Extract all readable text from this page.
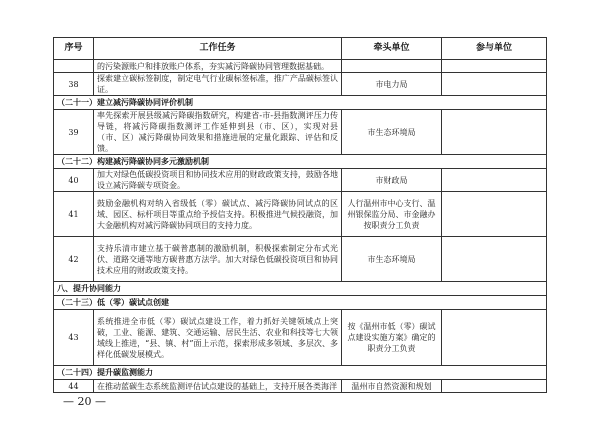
序号	工作任务	牵头单位	参与单位
	的污染源账户和排放账户体系，夯实减污降碳协同管理数据基础。		
38	探索建立碳标签制度，制定电气行业碳标签标准，推广产品碳标签认证。	市电力局	
（二十一）建立减污降碳协同评价机制			
39	率先探索开展县级减污降碳指数研究，构建省-市-县指数测评压力传导链，将减污降碳指数测评工作延伸到县（市、区），实现对县（市、区）减污降碳协同效果和措施进展的定量化跟踪、评估和反馈。	市生态环境局	
（二十二）构建减污降碳协同多元激励机制			
40	加大对绿色低碳投资项目和协同技术应用的财政政策支持，鼓励各地设立减污降碳专项资金。	市财政局	
41	鼓励金融机构对纳入省级低（零）碳试点、减污降碳协同试点的区域、园区、标杆项目等重点给予授信支持。积极推进气候投融资，加大金融机构对减污降碳协同项目的支持力度。	人行温州市中心支行、温州银保监分局、市金融办按职责分工负责	
42	支持乐清市建立基于碳普惠制的激励机制，积极探索制定分布式光伏、道路交通等地方碳普惠方法学。加大对绿色低碳投资项目和协同技术应用的财政政策支持。	市生态环境局	
八、提升协同能力			
（二十三）低（零）碳试点创建			
43	系统推进全市低（零）碳试点建设工作，着力抓好关键领域点上突破，工业、能源、建筑、交通运输、居民生活、农业和科技等七大领域线上推进，“县、镇、村”面上示范，探索形成多领域、多层次、多样化低碳发展模式。	按《温州市低（零）碳试点建设实施方案》确定的职责分工负责	
（二十四）提升碳监测能力			
44	在推动蓝碳生态系统监测评估试点建设的基础上，支持开展各类海洋	温州市自然资源和规划	
— 20 —
